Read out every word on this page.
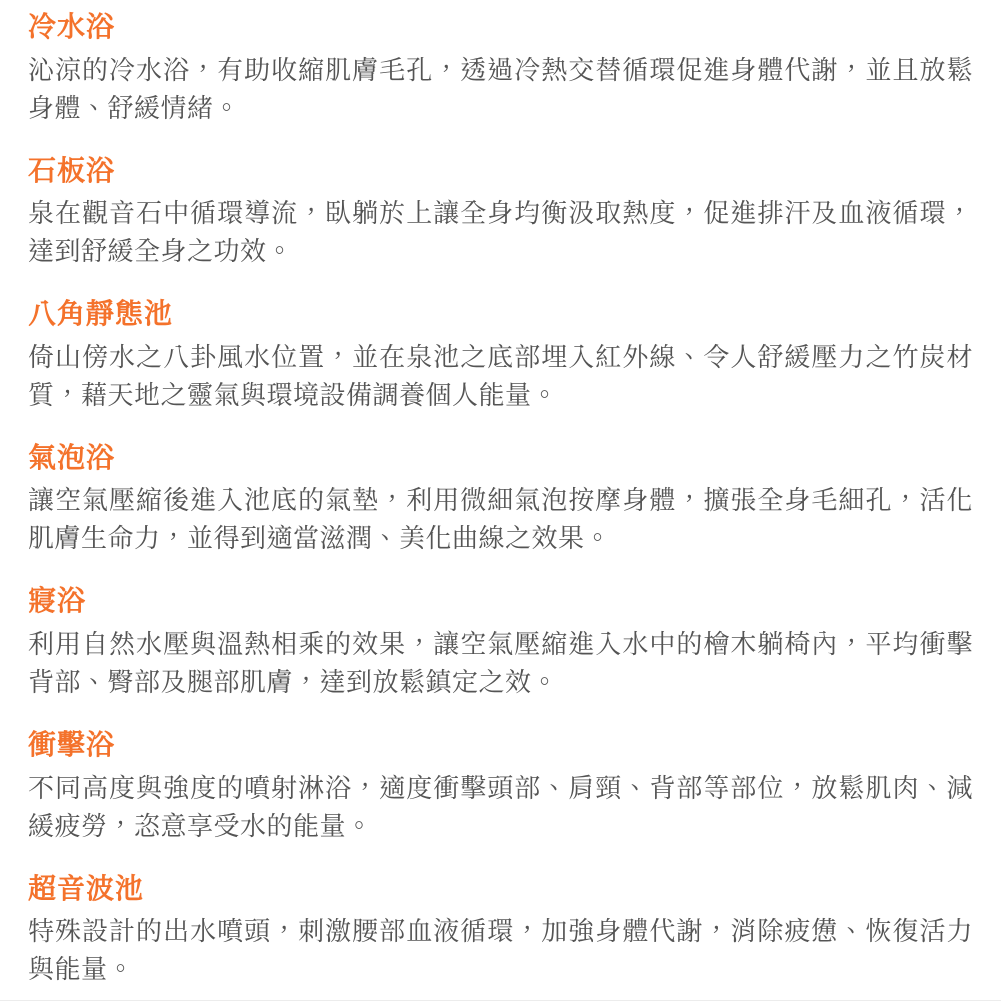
冷水浴

沁涼的冷水浴，有助收縮肌膚毛孔，透過冷熱交替循環促進身體代謝，並且放鬆身體、舒緩情緒。

石板浴

泉在觀音石中循環導流，臥躺於上讓全身均衡汲取熱度，促進排汗及血液循環，達到舒緩全身之功效。

八角靜態池

倚山傍水之八卦風水位置，並在泉池之底部埋入紅外線、令人舒緩壓力之竹炭材質，藉天地之靈氣與環境設備調養個人能量。

氣泡浴

讓空氣壓縮後進入池底的氣墊，利用微細氣泡按摩身體，擴張全身毛細孔，活化肌膚生命力，並得到適當滋潤、美化曲線之效果。

寢浴

利用自然水壓與溫熱相乘的效果，讓空氣壓縮進入水中的檜木躺椅內，平均衝擊背部、臀部及腿部肌膚，達到放鬆鎮定之效。

衝擊浴

不同高度與強度的噴射淋浴，適度衝擊頭部、肩頸、背部等部位，放鬆肌肉、減緩疲勞，恣意享受水的能量。

超音波池

特殊設計的出水噴頭，刺激腰部血液循環，加強身體代謝，消除疲憊、恢復活力與能量。
